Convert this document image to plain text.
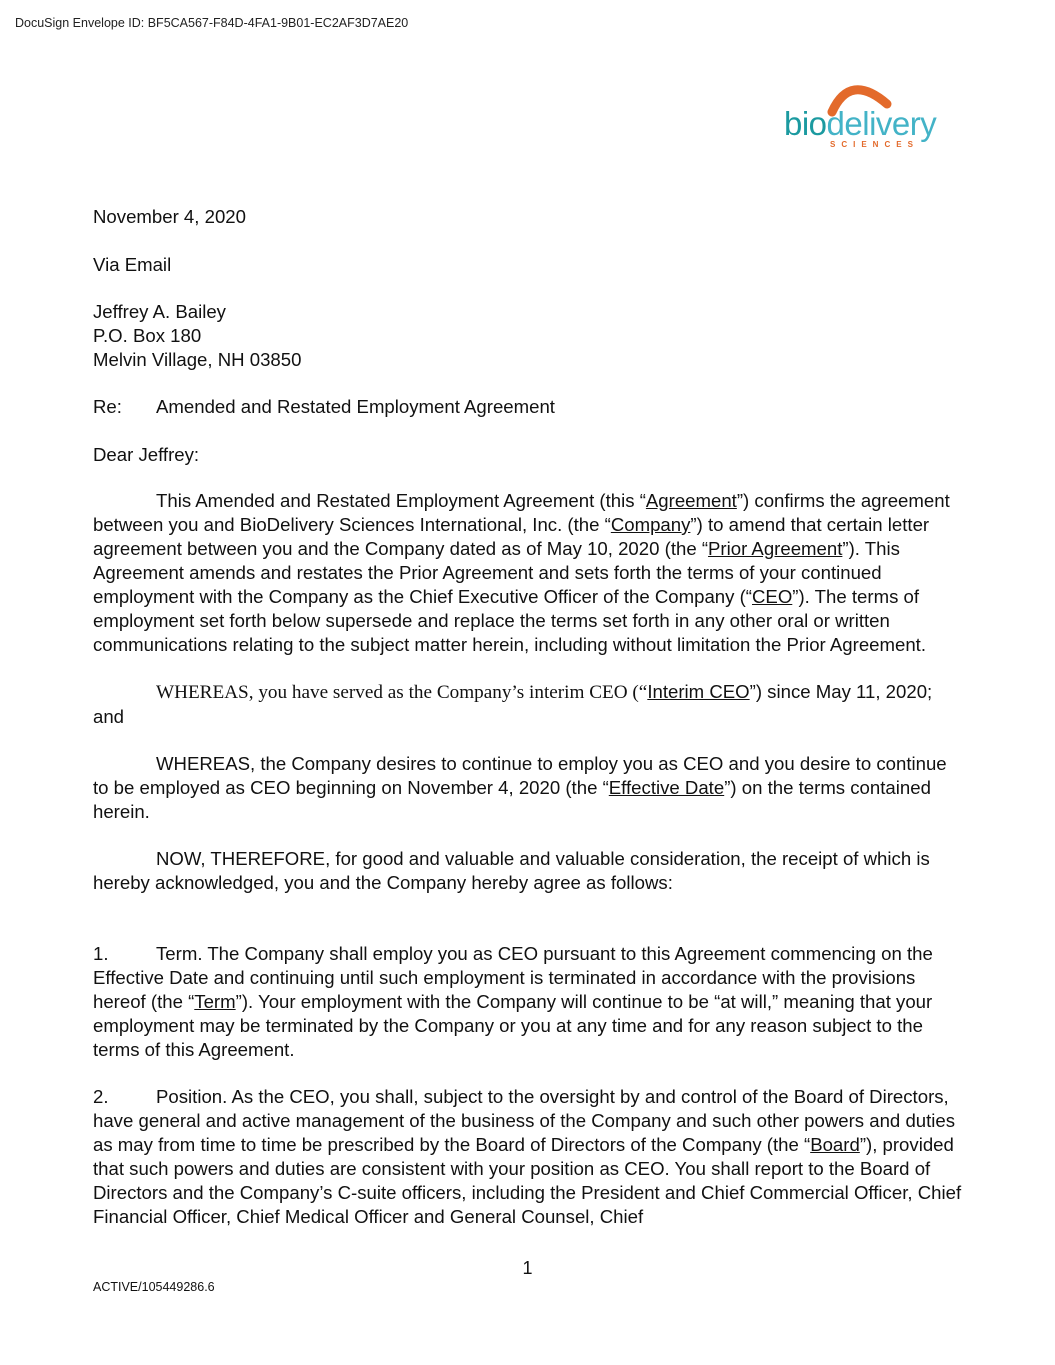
DocuSign Envelope ID: BF5CA567-F84D-4FA1-9B01-EC2AF3D7AE20
biodelivery
SCIENCES

November 4, 2020

Via Email

Jeffrey A. Bailey

P.O. Box 180

Melvin Village, NH 03850

Re: Amended and Restated Employment Agreement

Dear Jeffrey:

This Amended and Restated Employment Agreement (this “Agreement”) confirms the agreement between you and BioDelivery Sciences International, Inc. (the “Company”) to amend that certain letter agreement between you and the Company dated as of May 10, 2020 (the “Prior Agreement”). This Agreement amends and restates the Prior Agreement and sets forth the terms of your continued employment with the Company as the Chief Executive Officer of the Company (“CEO”). The terms of employment set forth below supersede and replace the terms set forth in any other oral or written communications relating to the subject matter herein, including without limitation the Prior Agreement.

WHEREAS, you have served as the Company’s interim CEO (“Interim CEO”) since May 11, 2020; and

WHEREAS, the Company desires to continue to employ you as CEO and you desire to continue to be employed as CEO beginning on November 4, 2020 (the “Effective Date”) on the terms contained herein.

NOW, THEREFORE, for good and valuable and valuable consideration, the receipt of which is hereby acknowledged, you and the Company hereby agree as follows:

1.	Term. The Company shall employ you as CEO pursuant to this Agreement commencing on the Effective Date and continuing until such employment is terminated in accordance with the provisions hereof (the “Term”). Your employment with the Company will continue to be “at will,” meaning that your employment may be terminated by the Company or you at any time and for any reason subject to the terms of this Agreement.

2.	Position. As the CEO, you shall, subject to the oversight by and control of the Board of Directors, have general and active management of the business of the Company and such other powers and duties as may from time to time be prescribed by the Board of Directors of the Company (the “Board”), provided that such powers and duties are consistent with your position as CEO. You shall report to the Board of Directors and the Company’s C-suite officers, including the President and Chief Commercial Officer, Chief Financial Officer, Chief Medical Officer and General Counsel, Chief

1
ACTIVE/105449286.6
